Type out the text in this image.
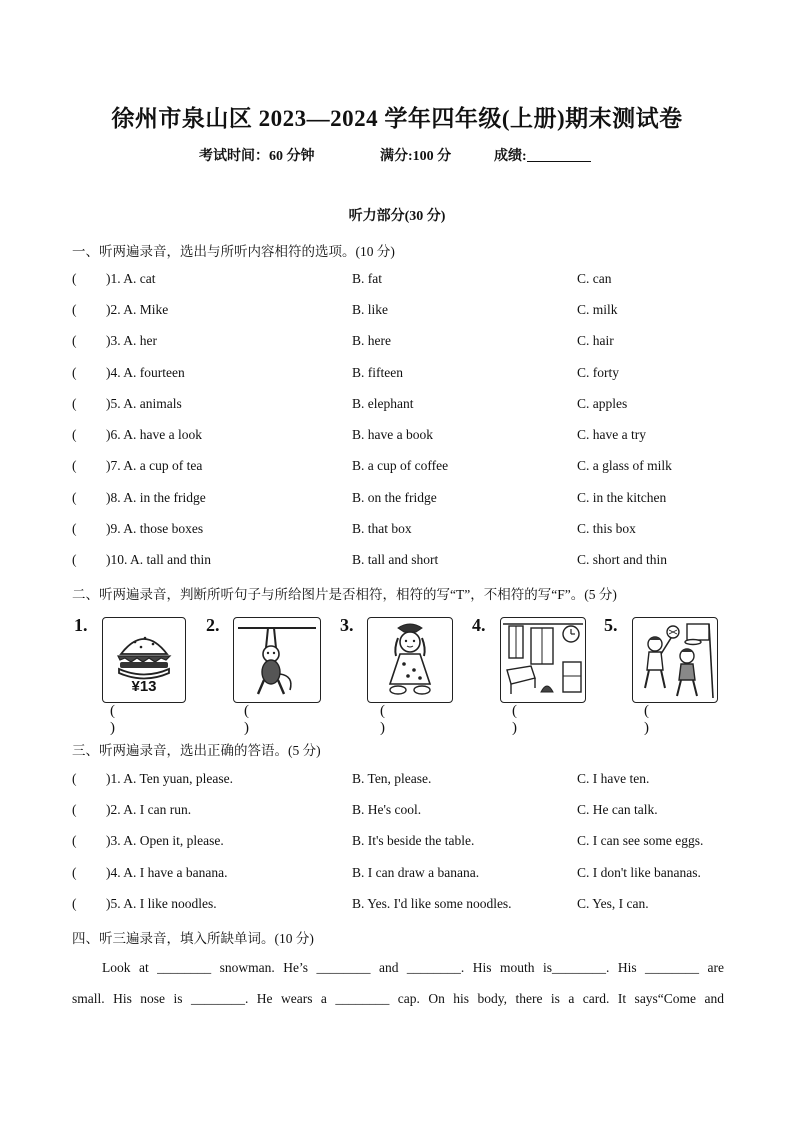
徐州市泉山区 2023—2024 学年四年级(上册)期末测试卷
考试时间：60 分钟	满分:100 分	成绩:
听力部分(30 分)
一、听两遍录音，选出与所听内容相符的选项。(10 分)
( )1. A. cat	B. fat	C. can
( )2. A. Mike	B. like	C. milk
( )3. A. her	B. here	C. hair
( )4. A. fourteen	B. fifteen	C. forty
( )5. A. animals	B. elephant	C. apples
( )6. A. have a look	B. have a book	C. have a try
( )7. A. a cup of tea	B. a cup of coffee	C. a glass of milk
( )8. A. in the fridge	B. on the fridge	C. in the kitchen
( )9. A. those boxes	B. that box	C. this box
( )10. A. tall and thin	B. tall and short	C. short and thin
二、听两遍录音，判断所听句子与所给图片是否相符，相符的写“T”，不相符的写“F”。(5 分)
1.
¥13
( )
2.
( )
3.
( )
4.
( )
5.
( )
三、听两遍录音，选出正确的答语。(5 分)
( )1. A. Ten yuan, please.	B. Ten, please.	C. I have ten.
( )2. A. I can run.	B. He's cool.	C. He can talk.
( )3. A. Open it, please.	B. It's beside the table.	C. I can see some eggs.
( )4. A. I have a banana.	B. I can draw a banana.	C. I don't like bananas.
( )5. A. I like noodles.	B. Yes. I'd like some noodles.	C. Yes, I can.
四、听三遍录音，填入所缺单词。(10 分)
Look at ________ snowman. He’s ________ and ________. His mouth is________. His ________ are
small. His nose is ________. He wears a ________ cap. On his body, there is a card. It says“Come and
